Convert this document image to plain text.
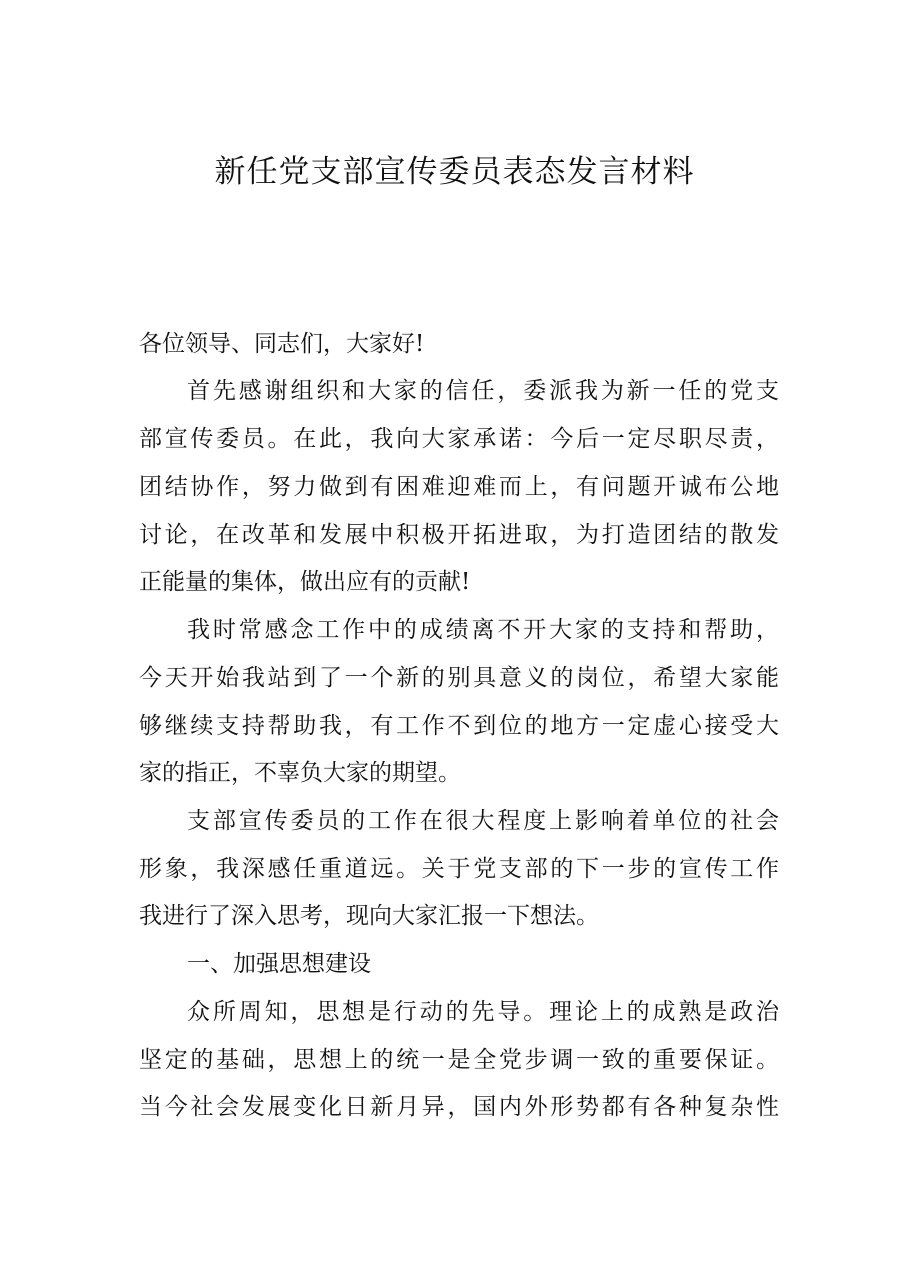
新任党支部宣传委员表态发言材料
各位领导、同志们，大家好!
首先感谢组织和大家的信任，委派我为新一任的党支
部宣传委员。在此，我向大家承诺：今后一定尽职尽责，
团结协作，努力做到有困难迎难而上，有问题开诚布公地
讨论，在改革和发展中积极开拓进取，为打造团结的散发
正能量的集体，做出应有的贡献!
我时常感念工作中的成绩离不开大家的支持和帮助，
今天开始我站到了一个新的别具意义的岗位，希望大家能
够继续支持帮助我，有工作不到位的地方一定虚心接受大
家的指正，不辜负大家的期望。
支部宣传委员的工作在很大程度上影响着单位的社会
形象，我深感任重道远。关于党支部的下一步的宣传工作
我进行了深入思考，现向大家汇报一下想法。
一、加强思想建设
众所周知，思想是行动的先导。理论上的成熟是政治
坚定的基础，思想上的统一是全党步调一致的重要保证。
当今社会发展变化日新月异，国内外形势都有各种复杂性
